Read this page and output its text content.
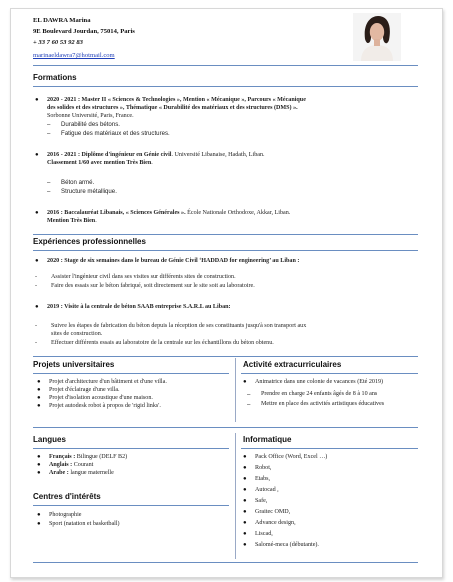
EL DAWRA Marina
9E Boulevard Jourdan, 75014, Paris
+ 33 7 60 53 92 83
marinaeldawra7@hotmail.com
Formations
● 2020 - 2021 : Master II « Sciences & Technologies », Mention « Mécanique », Parcours « Mécanique
des solides et des structures », Thématique « Durabilité des matériaux et des structures (DMS) ».
Sorbonne Université, Paris, France.
– Durabilité des bétons.
– Fatigue des matériaux et des structures.
● 2016 - 2021 : Diplôme d'ingénieur en Génie civil. Université Libanaise, Hadath, Liban.
Classement 1/60 avec mention Très Bien.
– Béton armé.
– Structure métallique.
● 2016 : Baccalauréat Libanais, « Sciences Générales ». École Nationale Orthodoxe, Akkar, Liban.
Mention Très Bien.
Expériences professionnelles
● 2020 : Stage de six semaines dans le bureau de Génie Civil ‘HADDAD for engineering’ au Liban :
- Assister l'ingénieur civil dans ses visites sur différents sites de construction.
- Faire des essais sur le béton fabriqué, soit directement sur le site soit au laboratoire.
● 2019 : Visite à la centrale de béton SAAB entreprise S.A.R.L au Liban:
- Suivre les étapes de fabrication du béton depuis la réception de ses constituants jusqu'à son transport aux
sites de construction.
- Effectuer différents essais au laboratoire de la centrale sur les échantillons du béton obtenu.
Projets universitaires	Activité extracurriculaires
● Projet d'architecture d'un bâtiment et d'une villa.
● Projet d'éclairage d'une villa.
● Projet d'isolation acoustique d'une maison.
● Projet autodesk robot à propos de 'rigid links'.
● Animatrice dans une colonie de vacances (Eté 2019)
– Prendre en charge 24 enfants âgés de 8 à 10 ans
– Mettre en place des activités artistiques éducatives
Langues	Informatique
● Français : Bilingue (DELF B2)
● Anglais : Courant
● Arabe : langue maternelle
Centres d'intérêts
● Photographie
● Sport (natation et basketball)
● Pack Office (Word, Excel …)
● Robot,
● Etabs,
● Autocad ,
● Safe,
● Graitec OMD,
● Advance design,
● Liscad,
● Salomé-meca (débutante).
